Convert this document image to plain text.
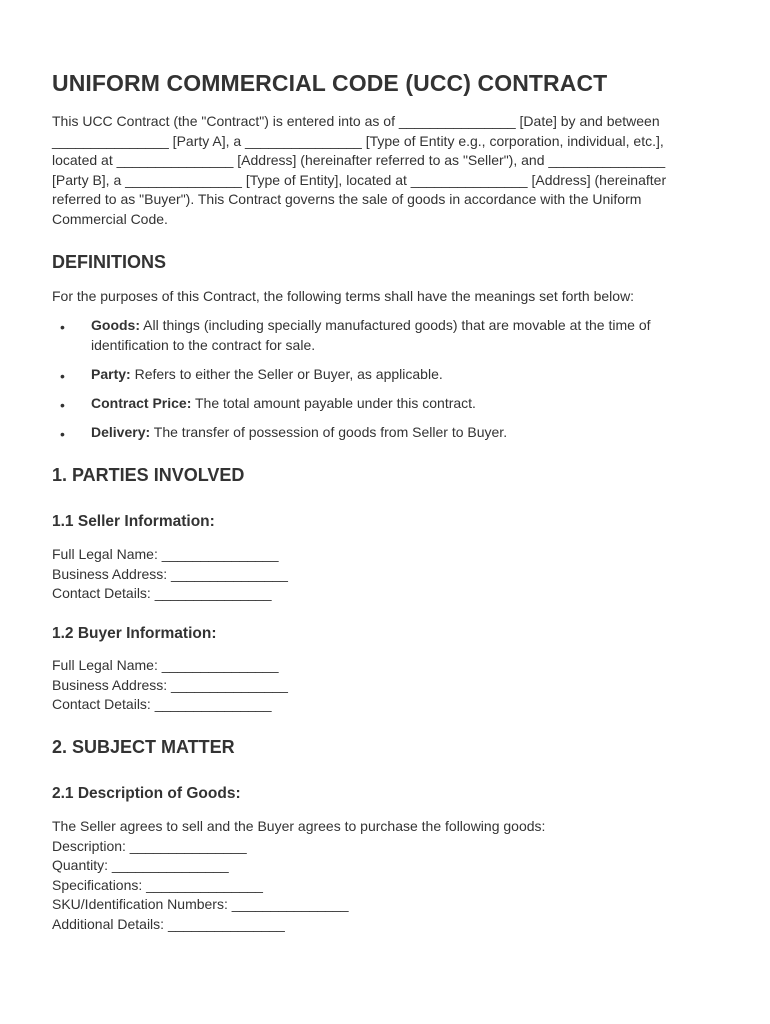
UNIFORM COMMERCIAL CODE (UCC) CONTRACT

This UCC Contract (the "Contract") is entered into as of _______________ [Date] by and between _______________ [Party A], a _______________ [Type of Entity e.g., corporation, individual, etc.], located at _______________ [Address] (hereinafter referred to as "Seller"), and _______________ [Party B], a _______________ [Type of Entity], located at _______________ [Address] (hereinafter referred to as "Buyer"). This Contract governs the sale of goods in accordance with the Uniform Commercial Code.

DEFINITIONS

For the purposes of this Contract, the following terms shall have the meanings set forth below:

• Goods: All things (including specially manufactured goods) that are movable at the time of identification to the contract for sale.
• Party: Refers to either the Seller or Buyer, as applicable.
• Contract Price: The total amount payable under this contract.
• Delivery: The transfer of possession of goods from Seller to Buyer.
1. PARTIES INVOLVED
1.1 Seller Information:
Full Legal Name: _______________
Business Address: _______________
Contact Details: _______________
1.2 Buyer Information:
Full Legal Name: _______________
Business Address: _______________
Contact Details: _______________
2. SUBJECT MATTER
2.1 Description of Goods:
The Seller agrees to sell and the Buyer agrees to purchase the following goods:
Description: _______________
Quantity: _______________
Specifications: _______________
SKU/Identification Numbers: _______________
Additional Details: _______________
